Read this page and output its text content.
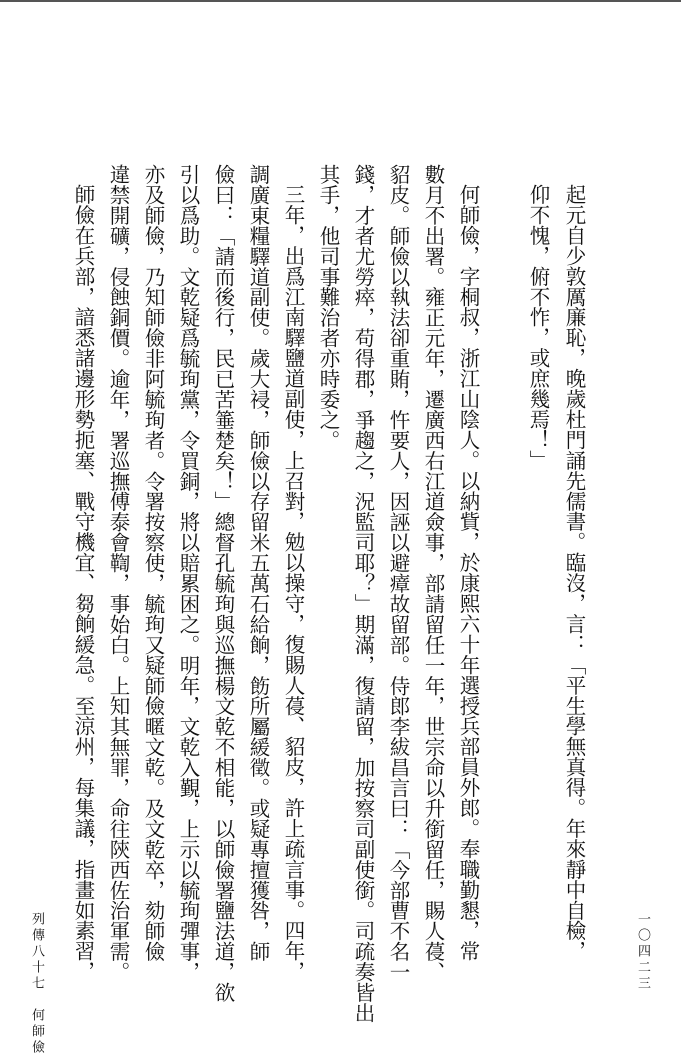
起元自少敦厲廉恥，晚歲杜門誦先儒書。臨沒，言：「平生學無真得。年來靜中自檢，
仰不愧，俯不怍，或庶幾焉！」
何師儉，字桐叔，浙江山陰人。以納貲，於康熙六十年選授兵部員外郎。奉職勤懇，常
數月不出署。雍正元年，遷廣西右江道僉事，部請留任一年，世宗命以升銜留任，賜人葠、
貂皮。師儉以執法卻重賄，忤要人，因誣以避瘴故留部。侍郎李紱昌言曰：「今部曹不名一
錢，才者尤勞瘁，苟得郡，爭趨之，況監司耶？」期滿，復請留，加按察司副使銜。司疏奏皆出
其手，他司事難治者亦時委之。
三年，出爲江南驛鹽道副使，上召對，勉以操守，復賜人葠、貂皮，許上疏言事。四年，
調廣東糧驛道副使。歲大祲，師儉以存留米五萬石給餉，飭所屬緩徵。或疑專擅獲咎，師
儉曰：「請而後行，民已苦箠楚矣！」總督孔毓珣與巡撫楊文乾不相能，以師儉署鹽法道，欲
引以爲助。文乾疑爲毓珣黨，令買銅，將以賠累困之。明年，文乾入覲，上示以毓珣彈事，
亦及師儉，乃知師儉非阿毓珣者。令署按察使，毓珣又疑師儉暱文乾。及文乾卒，劾師儉
違禁開礦，侵蝕銅價。逾年，署巡撫傅泰會鞫，事始白。上知其無罪，命往陝西佐治軍需。
師儉在兵部，諳悉諸邊形勢扼塞、戰守機宜、芻餉緩急。至涼州，每集議，指畫如素習，
列傳八十七　何師儉	一〇四二三
